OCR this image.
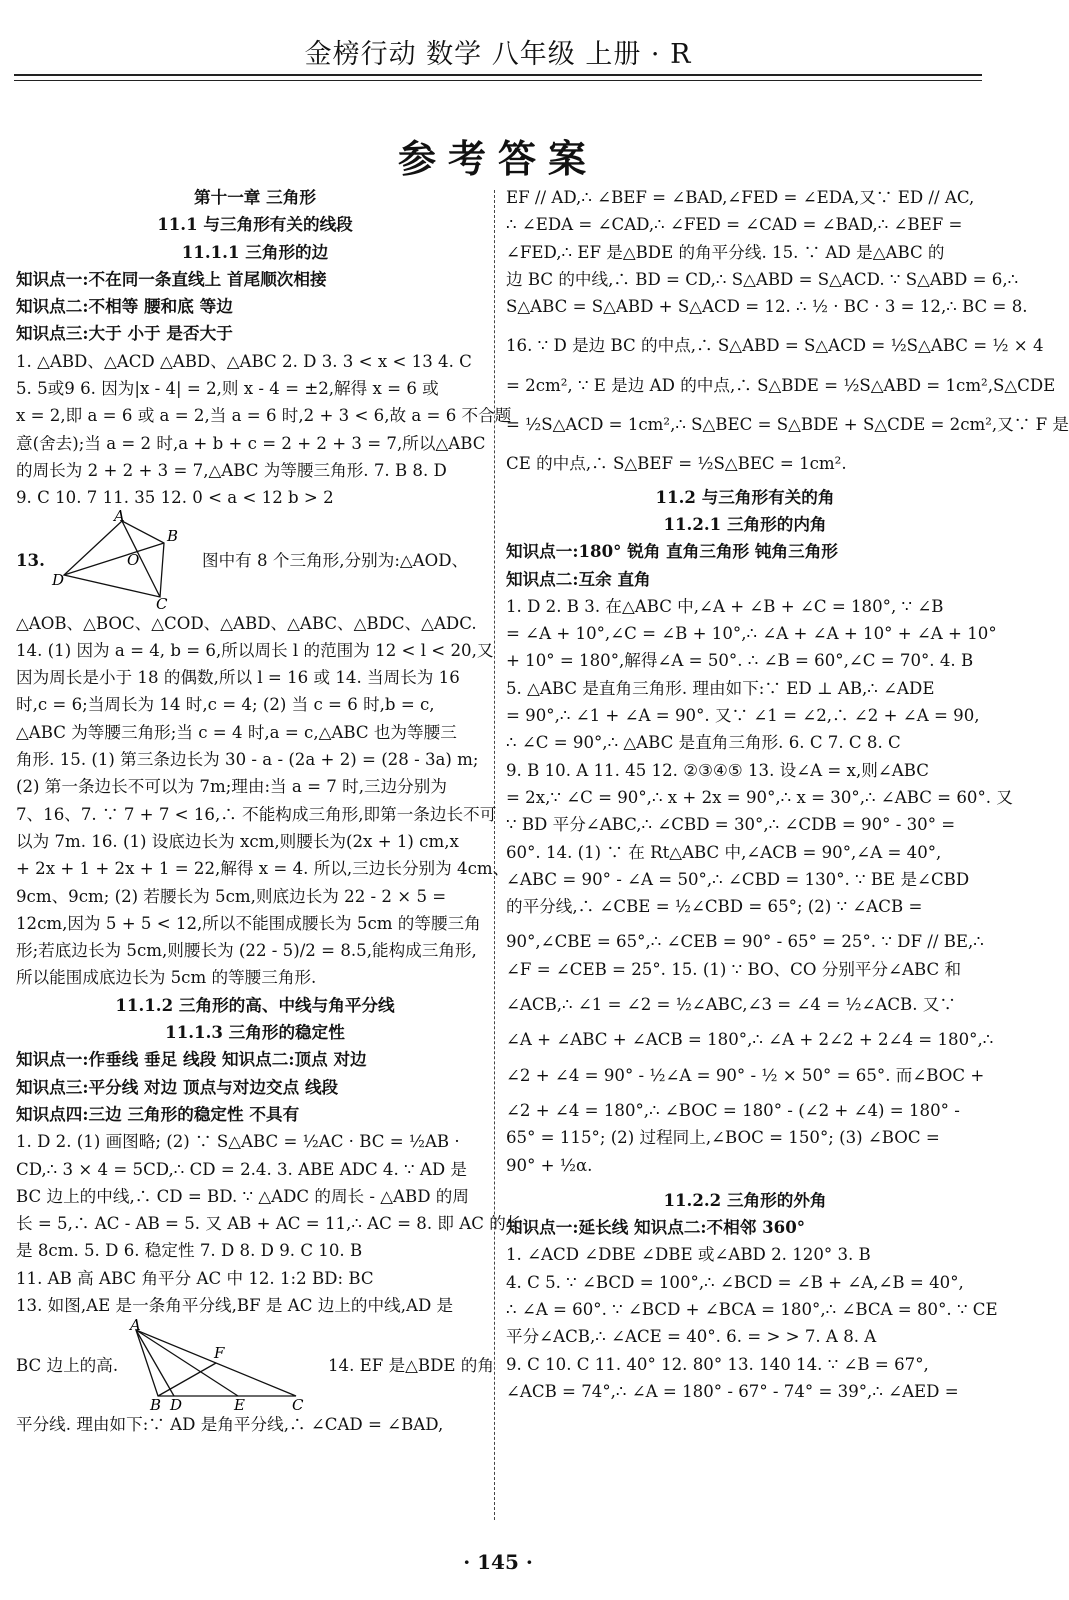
金榜行动 数学 八年级 上册 · R
参考答案
第十一章 三角形
11.1 与三角形有关的线段
11.1.1 三角形的边
知识点一:不在同一条直线上 首尾顺次相接
知识点二:不相等 腰和底 等边
知识点三:大于 小于 是否大于
1. △ABD、△ACD △ABD、△ABC 2. D 3. 3 < x < 13 4. C
5. 5或9 6. 因为|x - 4| = 2,则 x - 4 = ±2,解得 x = 6 或
x = 2,即 a = 6 或 a = 2,当 a = 6 时,2 + 3 < 6,故 a = 6 不合题
意(舍去);当 a = 2 时,a + b + c = 2 + 2 + 3 = 7,所以△ABC
的周长为 2 + 2 + 3 = 7,△ABC 为等腰三角形. 7. B 8. D
9. C 10. 7 11. 35 12. 0 < a < 12 b > 2
13.
A
B
O
D
C
图中有 8 个三角形,分别为:△AOD、
△AOB、△BOC、△COD、△ABD、△ABC、△BDC、△ADC.
14. (1) 因为 a = 4, b = 6,所以周长 l 的范围为 12 < l < 20,又
因为周长是小于 18 的偶数,所以 l = 16 或 14. 当周长为 16
时,c = 6;当周长为 14 时,c = 4; (2) 当 c = 6 时,b = c,
△ABC 为等腰三角形;当 c = 4 时,a = c,△ABC 也为等腰三
角形. 15. (1) 第三条边长为 30 - a - (2a + 2) = (28 - 3a) m;
(2) 第一条边长不可以为 7m;理由:当 a = 7 时,三边分别为
7、16、7. ∵ 7 + 7 < 16,∴ 不能构成三角形,即第一条边长不可
以为 7m. 16. (1) 设底边长为 xcm,则腰长为(2x + 1) cm,x
+ 2x + 1 + 2x + 1 = 22,解得 x = 4. 所以,三边长分别为 4cm、
9cm、9cm; (2) 若腰长为 5cm,则底边长为 22 - 2 × 5 =
12cm,因为 5 + 5 < 12,所以不能围成腰长为 5cm 的等腰三角
形;若底边长为 5cm,则腰长为 (22 - 5)/2 = 8.5,能构成三角形,
所以能围成底边长为 5cm 的等腰三角形.
11.1.2 三角形的高、中线与角平分线
11.1.3 三角形的稳定性
知识点一:作垂线 垂足 线段 知识点二:顶点 对边
知识点三:平分线 对边 顶点与对边交点 线段
知识点四:三边 三角形的稳定性 不具有
1. D 2. (1) 画图略; (2) ∵ S△ABC = ½AC · BC = ½AB ·
CD,∴ 3 × 4 = 5CD,∴ CD = 2.4. 3. ABE ADC 4. ∵ AD 是
BC 边上的中线,∴ CD = BD. ∵ △ADC 的周长 - △ABD 的周
长 = 5,∴ AC - AB = 5. 又 AB + AC = 11,∴ AC = 8. 即 AC 的长
是 8cm. 5. D 6. 稳定性 7. D 8. D 9. C 10. B
11. AB 高 ABC 角平分 AC 中 12. 1:2 BD: BC
13. 如图,AE 是一条角平分线,BF 是 AC 边上的中线,AD 是
BC 边上的高.
A
F
B D	E	C
14. EF 是△BDE 的角
平分线. 理由如下:∵ AD 是角平分线,∴ ∠CAD = ∠BAD,
EF // AD,∴ ∠BEF = ∠BAD,∠FED = ∠EDA,又∵ ED // AC,
∴ ∠EDA = ∠CAD,∴ ∠FED = ∠CAD = ∠BAD,∴ ∠BEF =
∠FED,∴ EF 是△BDE 的角平分线. 15. ∵ AD 是△ABC 的
边 BC 的中线,∴ BD = CD,∴ S△ABD = S△ACD. ∵ S△ABD = 6,∴
S△ABC = S△ABD + S△ACD = 12. ∴ ½ · BC · 3 = 12,∴ BC = 8.
16. ∵ D 是边 BC 的中点,∴ S△ABD = S△ACD = ½S△ABC = ½ × 4
= 2cm², ∵ E 是边 AD 的中点,∴ S△BDE = ½S△ABD = 1cm²,S△CDE
= ½S△ACD = 1cm²,∴ S△BEC = S△BDE + S△CDE = 2cm²,又∵ F 是
CE 的中点,∴ S△BEF = ½S△BEC = 1cm².
11.2 与三角形有关的角
11.2.1 三角形的内角
知识点一:180° 锐角 直角三角形 钝角三角形
知识点二:互余 直角
1. D 2. B 3. 在△ABC 中,∠A + ∠B + ∠C = 180°, ∵ ∠B
= ∠A + 10°,∠C = ∠B + 10°,∴ ∠A + ∠A + 10° + ∠A + 10°
+ 10° = 180°,解得∠A = 50°. ∴ ∠B = 60°,∠C = 70°. 4. B
5. △ABC 是直角三角形. 理由如下:∵ ED ⊥ AB,∴ ∠ADE
= 90°,∴ ∠1 + ∠A = 90°. 又∵ ∠1 = ∠2,∴ ∠2 + ∠A = 90,
∴ ∠C = 90°,∴ △ABC 是直角三角形. 6. C 7. C 8. C
9. B 10. A 11. 45 12. ②③④⑤ 13. 设∠A = x,则∠ABC
= 2x,∵ ∠C = 90°,∴ x + 2x = 90°,∴ x = 30°,∴ ∠ABC = 60°. 又
∵ BD 平分∠ABC,∴ ∠CBD = 30°,∴ ∠CDB = 90° - 30° =
60°. 14. (1) ∵ 在 Rt△ABC 中,∠ACB = 90°,∠A = 40°,
∠ABC = 90° - ∠A = 50°,∴ ∠CBD = 130°. ∵ BE 是∠CBD
的平分线,∴ ∠CBE = ½∠CBD = 65°; (2) ∵ ∠ACB =
90°,∠CBE = 65°,∴ ∠CEB = 90° - 65° = 25°. ∵ DF // BE,∴
∠F = ∠CEB = 25°. 15. (1) ∵ BO、CO 分别平分∠ABC 和
∠ACB,∴ ∠1 = ∠2 = ½∠ABC,∠3 = ∠4 = ½∠ACB. 又∵
∠A + ∠ABC + ∠ACB = 180°,∴ ∠A + 2∠2 + 2∠4 = 180°,∴
∠2 + ∠4 = 90° - ½∠A = 90° - ½ × 50° = 65°. 而∠BOC +
∠2 + ∠4 = 180°,∴ ∠BOC = 180° - (∠2 + ∠4) = 180° -
65° = 115°; (2) 过程同上,∠BOC = 150°; (3) ∠BOC =
90° + ½α.
11.2.2 三角形的外角
知识点一:延长线 知识点二:不相邻 360°
1. ∠ACD ∠DBE ∠DBE 或∠ABD 2. 120° 3. B
4. C 5. ∵ ∠BCD = 100°,∴ ∠BCD = ∠B + ∠A,∠B = 40°,
∴ ∠A = 60°. ∵ ∠BCD + ∠BCA = 180°,∴ ∠BCA = 80°. ∵ CE
平分∠ACB,∴ ∠ACE = 40°. 6. = > > 7. A 8. A
9. C 10. C 11. 40° 12. 80° 13. 140 14. ∵ ∠B = 67°,
∠ACB = 74°,∴ ∠A = 180° - 67° - 74° = 39°,∴ ∠AED =
· 145 ·
